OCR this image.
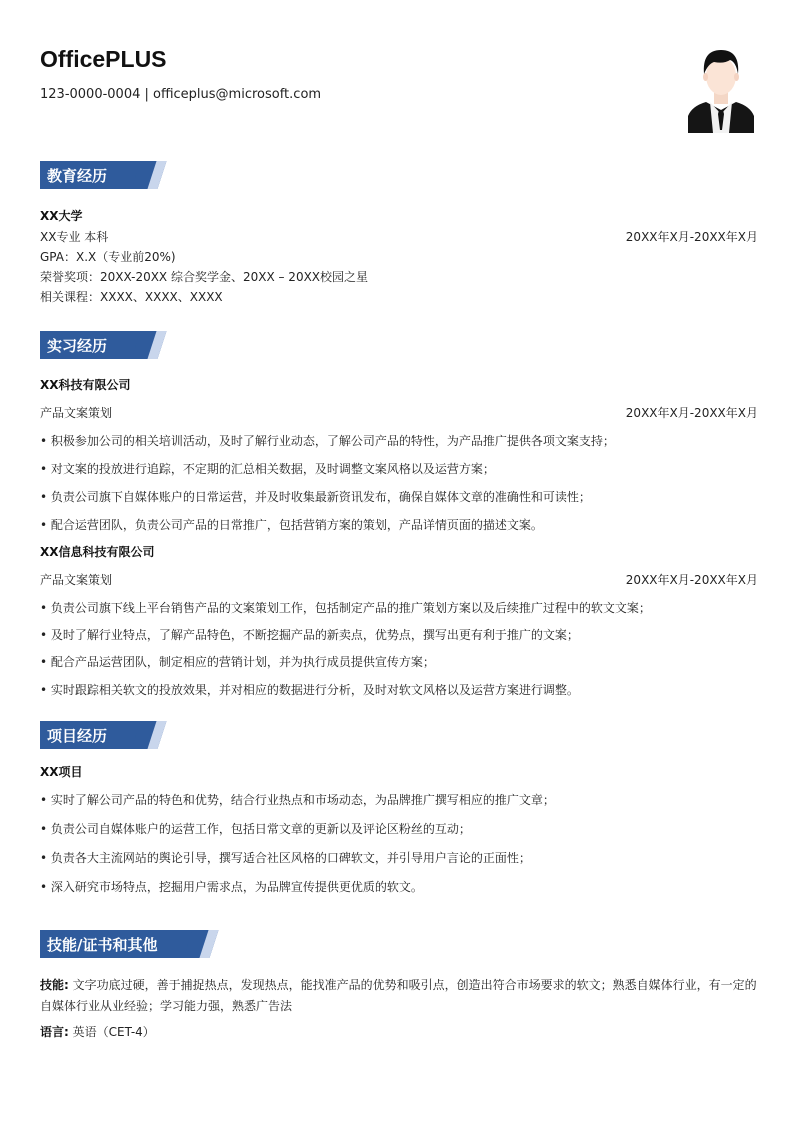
OfficePLUS
123-0000-0004 | officeplus@microsoft.com
教育经历
XX大学
XX专业 本科	20XX年X月-20XX年X月
GPA：X.X（专业前20%)
荣誉奖项：20XX-20XX 综合奖学金、20XX – 20XX校园之星
相关课程：XXXX、XXXX、XXXX
实习经历
XX科技有限公司
产品文案策划	20XX年X月-20XX年X月
• 积极参加公司的相关培训活动，及时了解行业动态，了解公司产品的特性，为产品推广提供各项文案支持；
• 对文案的投放进行追踪，不定期的汇总相关数据，及时调整文案风格以及运营方案；
• 负责公司旗下自媒体账户的日常运营，并及时收集最新资讯发布，确保自媒体文章的准确性和可读性；
• 配合运营团队，负责公司产品的日常推广，包括营销方案的策划，产品详情页面的描述文案。
XX信息科技有限公司
产品文案策划	20XX年X月-20XX年X月
• 负责公司旗下线上平台销售产品的文案策划工作，包括制定产品的推广策划方案以及后续推广过程中的软文文案；
• 及时了解行业特点，了解产品特色，不断挖掘产品的新卖点，优势点，撰写出更有利于推广的文案；
• 配合产品运营团队，制定相应的营销计划，并为执行成员提供宣传方案；
• 实时跟踪相关软文的投放效果，并对相应的数据进行分析，及时对软文风格以及运营方案进行调整。
项目经历
XX项目
• 实时了解公司产品的特色和优势，结合行业热点和市场动态，为品牌推广撰写相应的推广文章；
• 负责公司自媒体账户的运营工作，包括日常文章的更新以及评论区粉丝的互动；
• 负责各大主流网站的舆论引导，撰写适合社区风格的口碑软文，并引导用户言论的正面性；
• 深入研究市场特点，挖掘用户需求点，为品牌宣传提供更优质的软文。
技能/证书和其他
技能: 文字功底过硬，善于捕捉热点，发现热点，能找准产品的优势和吸引点，创造出符合市场要求的软文；熟悉自媒体行业，有一定的自媒体行业从业经验；学习能力强，熟悉广告法
语言: 英语（CET-4）
